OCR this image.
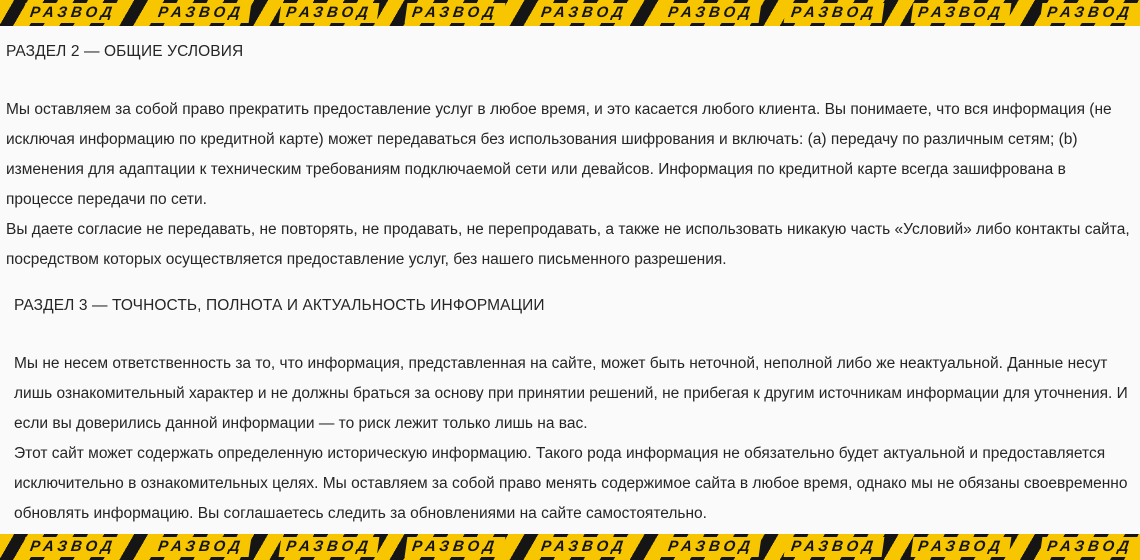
РАЗВОД	РАЗВОД	РАЗВОД	РАЗВОД	РАЗВОД	РАЗВОД	РАЗВОД	РАЗВОД	РАЗВОД
РАЗДЕЛ 2 — ОБЩИЕ УСЛОВИЯ

Мы оставляем за собой право прекратить предоставление услуг в любое время, и это касается любого клиента. Вы понимаете, что вся информация (не исключая информацию по кредитной карте) может передаваться без использования шифрования и включать: (a) передачу по различным сетям; (b) изменения для адаптации к техническим требованиям подключаемой сети или девайсов. Информация по кредитной карте всегда зашифрована в процессе передачи по сети.

Вы даете согласие не передавать, не повторять, не продавать, не перепродавать, а также не использовать никакую часть «Условий» либо контакты сайта, посредством которых осуществляется предоставление услуг, без нашего письменного разрешения.

РАЗДЕЛ 3 — ТОЧНОСТЬ, ПОЛНОТА И АКТУАЛЬНОСТЬ ИНФОРМАЦИИ

Мы не несем ответственность за то, что информация, представленная на сайте, может быть неточной, неполной либо же неактуальной. Данные несут лишь ознакомительный характер и не должны браться за основу при принятии решений, не прибегая к другим источникам информации для уточнения. И если вы доверились данной информации — то риск лежит только лишь на вас.

Этот сайт может содержать определенную историческую информацию. Такого рода информация не обязательно будет актуальной и предоставляется исключительно в ознакомительных целях. Мы оставляем за собой право менять содержимое сайта в любое время, однако мы не обязаны своевременно обновлять информацию. Вы соглашаетесь следить за обновлениями на сайте самостоятельно.

РАЗВОД	РАЗВОД	РАЗВОД	РАЗВОД	РАЗВОД	РАЗВОД	РАЗВОД	РАЗВОД	РАЗВОД
